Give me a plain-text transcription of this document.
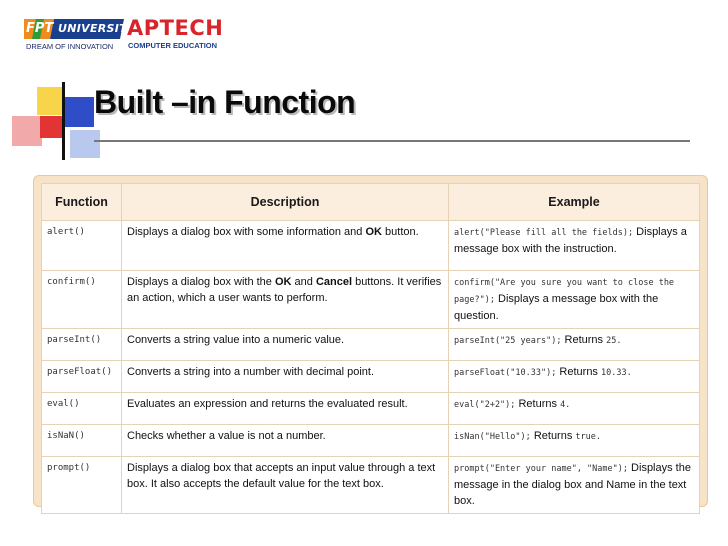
FPT UNIVERSITY
DREAM OF INNOVATION
APTECH
COMPUTER EDUCATION
Built –in Function
Function	Description	Example
alert()	Displays a dialog box with some information and OK button.	alert("Please fill all the fields); Displays a message box with the instruction.
confirm()	Displays a dialog box with the OK and Cancel buttons. It verifies an action, which a user wants to perform.	confirm("Are you sure you want to close the page?"); Displays a message box with the question.
parseInt()	Converts a string value into a numeric value.	parseInt("25 years"); Returns 25.
parseFloat()	Converts a string into a number with decimal point.	parseFloat("10.33"); Returns 10.33.
eval()	Evaluates an expression and returns the evaluated result.	eval("2+2"); Returns 4.
isNaN()	Checks whether a value is not a number.	isNan("Hello"); Returns true.
prompt()	Displays a dialog box that accepts an input value through a text box. It also accepts the default value for the text box.	prompt("Enter your name", "Name"); Displays the message in the dialog box and Name in the text box.
